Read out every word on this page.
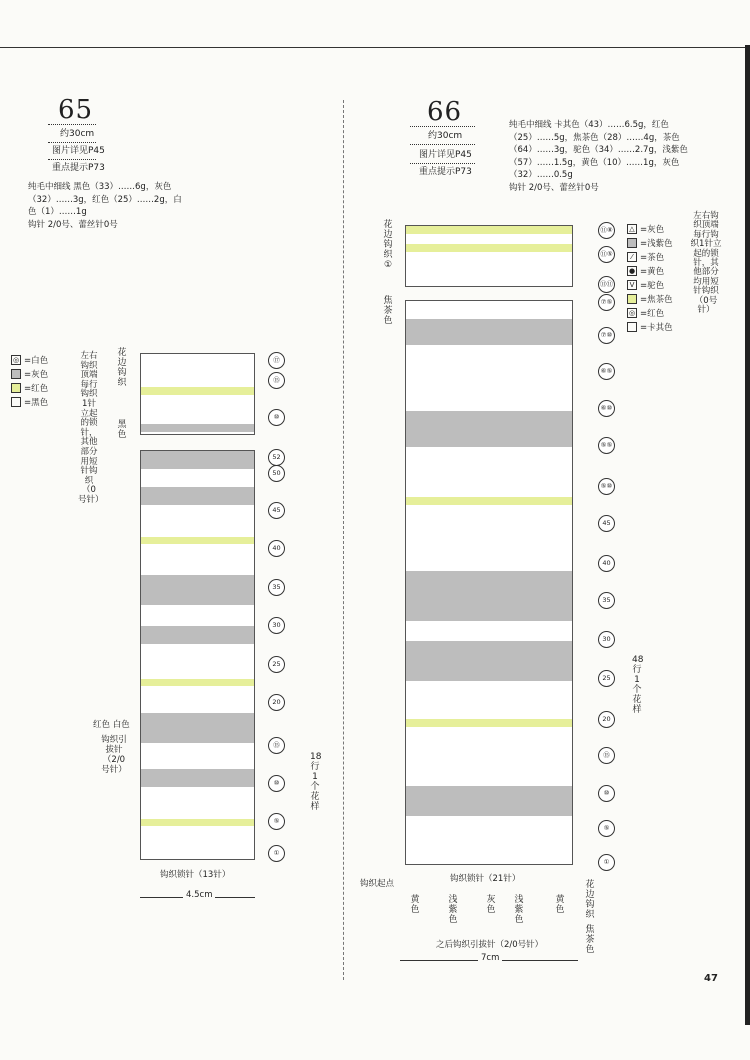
65
约30cm
图片详见P45
重点提示P73
纯毛中细线 黑色（33）……6g，灰色
（32）……3g，红色（25）……2g，白
色（1）……1g
钩针 2/0号、蕾丝针0号
◎ =白色
=灰色
=红色
=黑色
左右钩织顶端每行钩织1针立起的锁针，其他部分用短针钩织（0号针）
花边钩织
黑色
⑰
⑮
⑩
52
50
45
40
35
30
25
20
⑮
⑩
⑤
①
18行1个花样
红色 白色
钩织引拔针（2/0号针）
钩织锁针（13针）
4.5cm
66
约30cm
图片详见P45
重点提示P73
纯毛中细线 卡其色（43）……6.5g，红色
（25）……5g，焦茶色（28）……4g，茶色
（64）……3g，驼色（34）……2.7g，浅紫色
（57）……1.5g，黄色（10）……1g，灰色
（32）……0.5g
钩针 2/0号、蕾丝针0号
△ =灰色
=浅紫色
⁄ =茶色
● =黄色
V =驼色
=焦茶色
◎ =红色
=卡其色
左右钩织顶端每行钩织1针立起的锁针，其他部分均用短针钩织（0号针）
花边钩织①
焦茶色
⑪⑧
⑪⑤
⑪⑪
⑦⑤
⑦⑩
⑥⑤
⑥⑩
⑤⑤
⑤⑩
45
40
35
30
25
20
⑮
⑩
⑤
①
48行1个花样
钩织起点	钩织锁针（21针）
黄色
浅紫色
灰色
浅紫色
黄色
之后钩织引拔针（2/0号针）
7cm
花边钩织
焦茶色
47
